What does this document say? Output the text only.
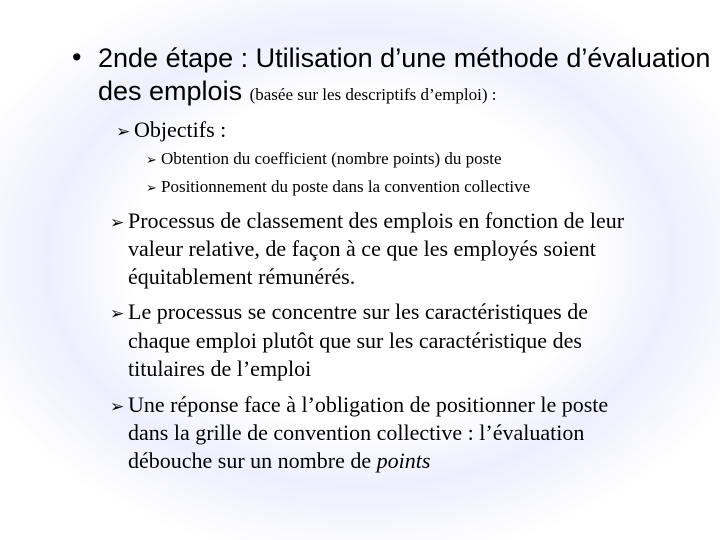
• 2nde étape : Utilisation d’une méthode d’évaluation
des emplois (basée sur les descriptifs d’emploi) :
➢ Objectifs :
➢ Obtention du coefficient (nombre points) du poste
➢ Positionnement du poste dans la convention collective
➢ Processus de classement des emplois en fonction de leur
valeur relative, de façon à ce que les employés soient
équitablement rémunérés.
➢ Le processus se concentre sur les caractéristiques de
chaque emploi plutôt que sur les caractéristique des
titulaires de l’emploi
➢ Une réponse face à l’obligation de positionner le poste
dans la grille de convention collective : l’évaluation
débouche sur un nombre de points
